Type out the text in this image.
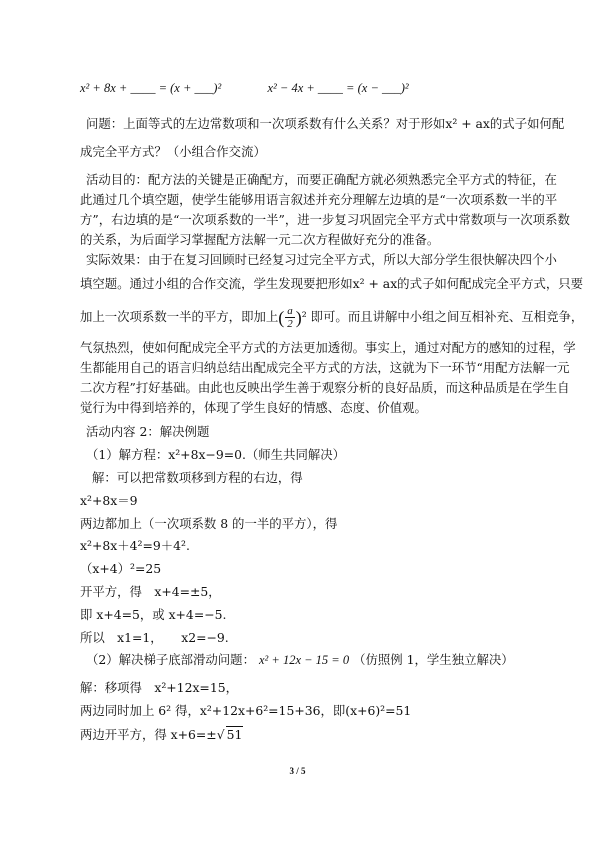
x² + 8x + ____ = (x + ___)²	x² − 4x + ____ = (x − ___)²
问题：上面等式的左边常数项和一次项系数有什么关系？对于形如x² + ax的式子如何配
成完全平方式？（小组合作交流）
活动目的：配方法的关键是正确配方，而要正确配方就必须熟悉完全平方式的特征，在
此通过几个填空题，使学生能够用语言叙述并充分理解左边填的是“一次项系数一半的平
方”，右边填的是“一次项系数的一半”，进一步复习巩固完全平方式中常数项与一次项系数
的关系，为后面学习掌握配方法解一元二次方程做好充分的准备。
实际效果：由于在复习回顾时已经复习过完全平方式，所以大部分学生很快解决四个小
填空题。通过小组的合作交流，学生发现要把形如x² + ax的式子如何配成完全平方式，只要
加上一次项系数一半的平方，即加上( $\frac{a}{2} )^2$ 即可。而且讲解中小组之间互相补充、互相竞争，
气氛热烈，使如何配成完全平方式的方法更加透彻。事实上，通过对配方的感知的过程，学
生都能用自己的语言归纳总结出配成完全平方式的方法，这就为下一环节“用配方法解一元
二次方程”打好基础。由此也反映出学生善于观察分析的良好品质，而这种品质是在学生自
觉行为中得到培养的，体现了学生良好的情感、态度、价值观。
活动内容 2：解决例题
（1）解方程：x²+8x−9=0.（师生共同解决）
解：可以把常数项移到方程的右边，得
x²+8x＝9
两边都加上（一次项系数 8 的一半的平方），得
x²+8x＋4²=9＋4².
（x+4）²=25
开平方，得　x+4=±5，
即 x+4=5，或 x+4=−5.
所以　x1=1，　　x2=−9.
（2）解决梯子底部滑动问题： x² + 12x − 15 = 0 （仿照例 1，学生独立解决）
解：移项得　x²+12x=15，
两边同时加上 6² 得，x²+12x+6²=15+36，即(x+6)²=51
两边开平方，得 x+6=±√ 51
3 / 5
